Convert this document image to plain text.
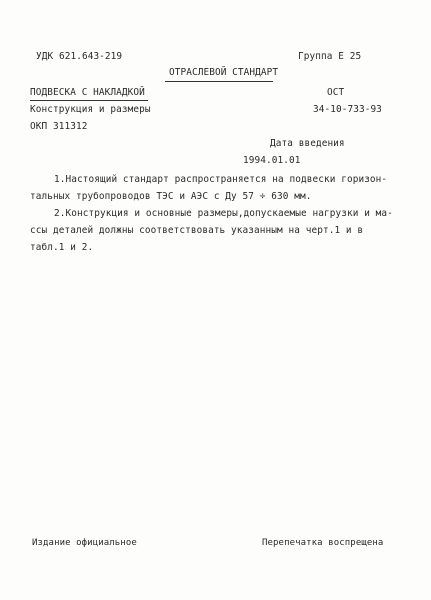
УДК 621.643-219	Группа Е 25
ОТРАСЛЕВОЙ СТАНДАРТ
ПОДВЕСКА С НАКЛАДКОЙ
Конструкция и размеры
ОКП 311312
ОСТ
34-10-733-93
Дата введения
1994.01.01
1.Настоящий стандарт распространяется на подвески горизон-
тальных трубопроводов ТЭС и АЭС с Ду 57 ÷ 630 мм.
2.Конструкция и основные размеры,допускаемые нагрузки и ма-
ссы деталей должны соответствовать указанным на черт.1 и в
табл.1 и 2.
Издание официальное	Перепечатка воспрещена
